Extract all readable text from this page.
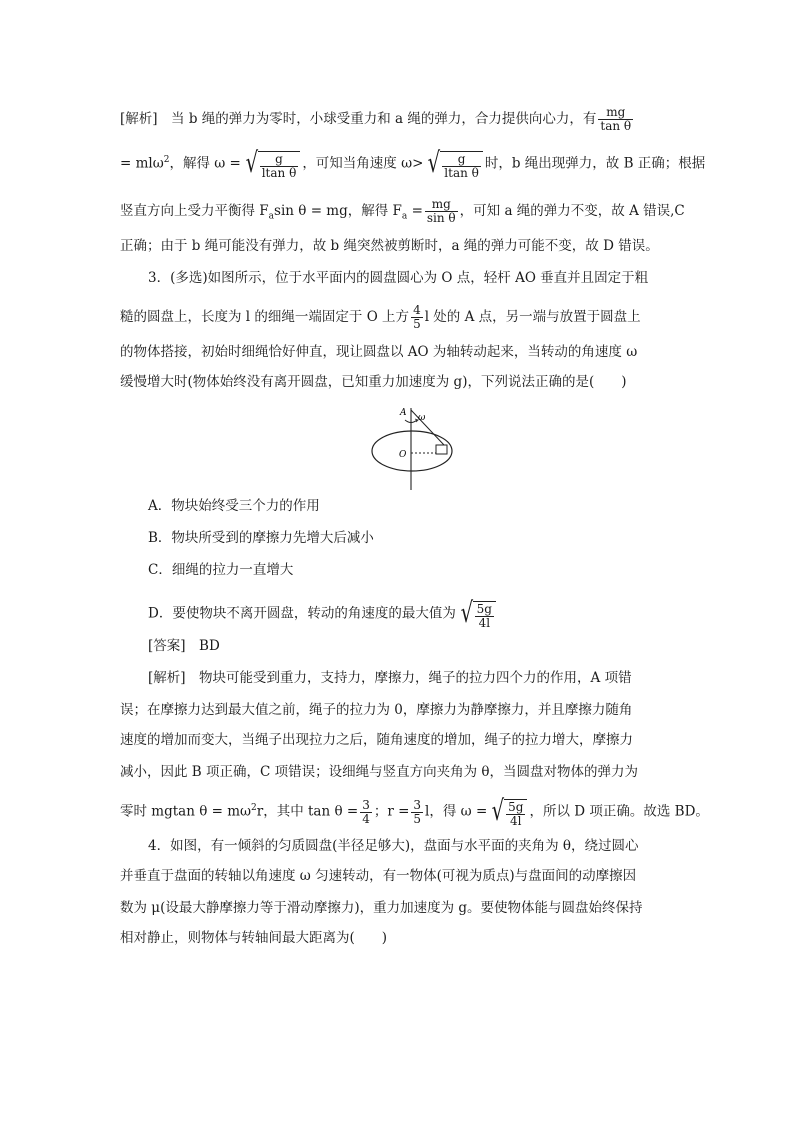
[解析]　 当 b 绳的弹力为零时，小球受重力和 a 绳的弹力，合力提供向心力，有 $\frac{mg}{\text{tan θ}}$
= mlω$^2$，解得 ω = √ $\frac{g}{\text{ltan θ}}$ ，可知当角速度 ω> √ $\frac{g}{\text{ltan θ}}$ 时，b 绳出现弹力，故 B 正确；根据
竖直方向上受力平衡得 $F_a\sin$ θ = mg，解得 $F_a = \frac{mg}{\text{sin θ}}$ ，可知 a 绳的弹力不变，故 A 错误,C
正确；由于 b 绳可能没有弹力，故 b 绳突然被剪断时，a 绳的弹力可能不变，故 D 错误。
3．(多选)如图所示，位于水平面内的圆盘圆心为 O 点，轻杆 AO 垂直并且固定于粗
糙的圆盘上，长度为 l 的细绳一端固定于 O 上方 $\frac{4}{5}$ l 处的 A 点，另一端与放置于圆盘上
的物体搭接，初始时细绳恰好伸直，现让圆盘以 AO 为轴转动起来，当转动的角速度 ω
缓慢增大时(物体始终没有离开圆盘，已知重力加速度为 g)，下列说法正确的是(　　)
A ω
O
A．物块始终受三个力的作用
B．物块所受到的摩擦力先增大后减小
C．细绳的拉力一直增大
D．要使物块不离开圆盘，转动的角速度的最大值为 √ $\frac{5g}{4l}$
[答案]　BD
[解析]　物块可能受到重力，支持力，摩擦力，绳子的拉力四个力的作用，A 项错
误；在摩擦力达到最大值之前，绳子的拉力为 0，摩擦力为静摩擦力，并且摩擦力随角
速度的增加而变大，当绳子出现拉力之后，随角速度的增加，绳子的拉力增大，摩擦力
减小，因此 B 项正确，C 项错误；设细绳与竖直方向夹角为 θ，当圆盘对物体的弹力为
零时 mgtan $\theta = m\omega^2r$，其中 $\tan \theta = \frac{3}{4}$ ；$r = \frac{3}{5}$ l，得 ω = √ $\frac{5g}{4l}$ ，所以 D 项正确。故选 BD。
4．如图，有一倾斜的匀质圆盘(半径足够大)，盘面与水平面的夹角为 θ，绕过圆心
并垂直于盘面的转轴以角速度 ω 匀速转动，有一物体(可视为质点)与盘面间的动摩擦因
数为 μ(设最大静摩擦力等于滑动摩擦力)，重力加速度为 g。要使物体能与圆盘始终保持
相对静止，则物体与转轴间最大距离为(　　)
